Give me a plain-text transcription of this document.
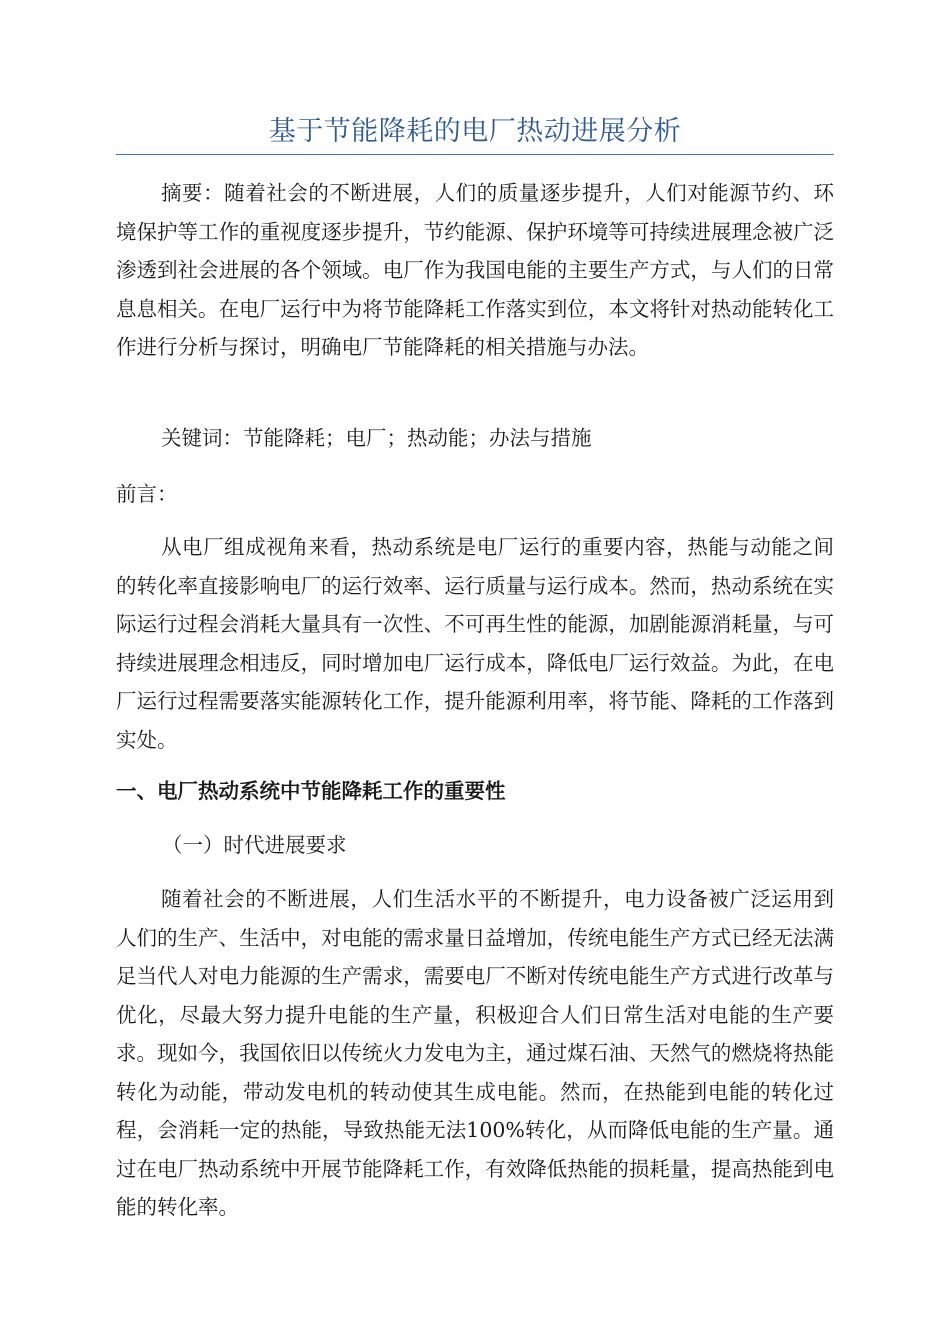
基于节能降耗的电厂热动进展分析

摘要：随着社会的不断进展，人们的质量逐步提升，人们对能源节约、环境保护等工作的重视度逐步提升，节约能源、保护环境等可持续进展理念被广泛渗透到社会进展的各个领域。电厂作为我国电能的主要生产方式，与人们的日常息息相关。在电厂运行中为将节能降耗工作落实到位，本文将针对热动能转化工作进行分析与探讨，明确电厂节能降耗的相关措施与办法。

关键词：节能降耗；电厂；热动能；办法与措施

前言：

从电厂组成视角来看，热动系统是电厂运行的重要内容，热能与动能之间的转化率直接影响电厂的运行效率、运行质量与运行成本。然而，热动系统在实际运行过程会消耗大量具有一次性、不可再生性的能源，加剧能源消耗量，与可持续进展理念相违反，同时增加电厂运行成本，降低电厂运行效益。为此，在电厂运行过程需要落实能源转化工作，提升能源利用率，将节能、降耗的工作落到实处。

一、电厂热动系统中节能降耗工作的重要性

（一）时代进展要求

随着社会的不断进展，人们生活水平的不断提升，电力设备被广泛运用到人们的生产、生活中，对电能的需求量日益增加，传统电能生产方式已经无法满足当代人对电力能源的生产需求，需要电厂不断对传统电能生产方式进行改革与优化，尽最大努力提升电能的生产量，积极迎合人们日常生活对电能的生产要求。现如今，我国依旧以传统火力发电为主，通过煤石油、天然气的燃烧将热能转化为动能，带动发电机的转动使其生成电能。然而，在热能到电能的转化过程，会消耗一定的热能，导致热能无法100%转化，从而降低电能的生产量。通过在电厂热动系统中开展节能降耗工作，有效降低热能的损耗量，提高热能到电能的转化率。
